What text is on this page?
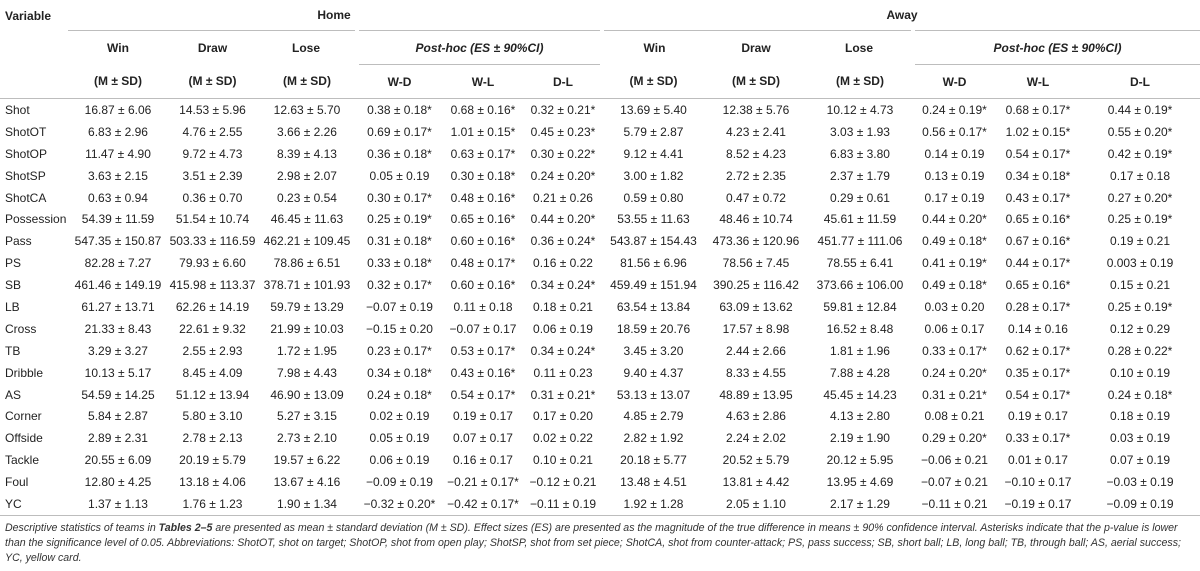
Variable	Home						Away					
	Win	Draw	Lose	Post-hoc (ES ± 90%CI)			Win	Draw	Lose	Post-hoc (ES ± 90%CI)		
	(M ± SD)	(M ± SD)	(M ± SD)	W-D	W-L	D-L	(M ± SD)	(M ± SD)	(M ± SD)	W-D	W-L	D-L
Shot	16.87 ± 6.06	14.53 ± 5.96	12.63 ± 5.70	0.38 ± 0.18*	0.68 ± 0.16*	0.32 ± 0.21*	13.69 ± 5.40	12.38 ± 5.76	10.12 ± 4.73	0.24 ± 0.19*	0.68 ± 0.17*	0.44 ± 0.19*
ShotOT	6.83 ± 2.96	4.76 ± 2.55	3.66 ± 2.26	0.69 ± 0.17*	1.01 ± 0.15*	0.45 ± 0.23*	5.79 ± 2.87	4.23 ± 2.41	3.03 ± 1.93	0.56 ± 0.17*	1.02 ± 0.15*	0.55 ± 0.20*
ShotOP	11.47 ± 4.90	9.72 ± 4.73	8.39 ± 4.13	0.36 ± 0.18*	0.63 ± 0.17*	0.30 ± 0.22*	9.12 ± 4.41	8.52 ± 4.23	6.83 ± 3.80	0.14 ± 0.19	0.54 ± 0.17*	0.42 ± 0.19*
ShotSP	3.63 ± 2.15	3.51 ± 2.39	2.98 ± 2.07	0.05 ± 0.19	0.30 ± 0.18*	0.24 ± 0.20*	3.00 ± 1.82	2.72 ± 2.35	2.37 ± 1.79	0.13 ± 0.19	0.34 ± 0.18*	0.17 ± 0.18
ShotCA	0.63 ± 0.94	0.36 ± 0.70	0.23 ± 0.54	0.30 ± 0.17*	0.48 ± 0.16*	0.21 ± 0.26	0.59 ± 0.80	0.47 ± 0.72	0.29 ± 0.61	0.17 ± 0.19	0.43 ± 0.17*	0.27 ± 0.20*
Possession	54.39 ± 11.59	51.54 ± 10.74	46.45 ± 11.63	0.25 ± 0.19*	0.65 ± 0.16*	0.44 ± 0.20*	53.55 ± 11.63	48.46 ± 10.74	45.61 ± 11.59	0.44 ± 0.20*	0.65 ± 0.16*	0.25 ± 0.19*
Pass	547.35 ± 150.87	503.33 ± 116.59	462.21 ± 109.45	0.31 ± 0.18*	0.60 ± 0.16*	0.36 ± 0.24*	543.87 ± 154.43	473.36 ± 120.96	451.77 ± 111.06	0.49 ± 0.18*	0.67 ± 0.16*	0.19 ± 0.21
PS	82.28 ± 7.27	79.93 ± 6.60	78.86 ± 6.51	0.33 ± 0.18*	0.48 ± 0.17*	0.16 ± 0.22	81.56 ± 6.96	78.56 ± 7.45	78.55 ± 6.41	0.41 ± 0.19*	0.44 ± 0.17*	0.003 ± 0.19
SB	461.46 ± 149.19	415.98 ± 113.37	378.71 ± 101.93	0.32 ± 0.17*	0.60 ± 0.16*	0.34 ± 0.24*	459.49 ± 151.94	390.25 ± 116.42	373.66 ± 106.00	0.49 ± 0.18*	0.65 ± 0.16*	0.15 ± 0.21
LB	61.27 ± 13.71	62.26 ± 14.19	59.79 ± 13.29	−0.07 ± 0.19	0.11 ± 0.18	0.18 ± 0.21	63.54 ± 13.84	63.09 ± 13.62	59.81 ± 12.84	0.03 ± 0.20	0.28 ± 0.17*	0.25 ± 0.19*
Cross	21.33 ± 8.43	22.61 ± 9.32	21.99 ± 10.03	−0.15 ± 0.20	−0.07 ± 0.17	0.06 ± 0.19	18.59 ± 20.76	17.57 ± 8.98	16.52 ± 8.48	0.06 ± 0.17	0.14 ± 0.16	0.12 ± 0.29
TB	3.29 ± 3.27	2.55 ± 2.93	1.72 ± 1.95	0.23 ± 0.17*	0.53 ± 0.17*	0.34 ± 0.24*	3.45 ± 3.20	2.44 ± 2.66	1.81 ± 1.96	0.33 ± 0.17*	0.62 ± 0.17*	0.28 ± 0.22*
Dribble	10.13 ± 5.17	8.45 ± 4.09	7.98 ± 4.43	0.34 ± 0.18*	0.43 ± 0.16*	0.11 ± 0.23	9.40 ± 4.37	8.33 ± 4.55	7.88 ± 4.28	0.24 ± 0.20*	0.35 ± 0.17*	0.10 ± 0.19
AS	54.59 ± 14.25	51.12 ± 13.94	46.90 ± 13.09	0.24 ± 0.18*	0.54 ± 0.17*	0.31 ± 0.21*	53.13 ± 13.07	48.89 ± 13.95	45.45 ± 14.23	0.31 ± 0.21*	0.54 ± 0.17*	0.24 ± 0.18*
Corner	5.84 ± 2.87	5.80 ± 3.10	5.27 ± 3.15	0.02 ± 0.19	0.19 ± 0.17	0.17 ± 0.20	4.85 ± 2.79	4.63 ± 2.86	4.13 ± 2.80	0.08 ± 0.21	0.19 ± 0.17	0.18 ± 0.19
Offside	2.89 ± 2.31	2.78 ± 2.13	2.73 ± 2.10	0.05 ± 0.19	0.07 ± 0.17	0.02 ± 0.22	2.82 ± 1.92	2.24 ± 2.02	2.19 ± 1.90	0.29 ± 0.20*	0.33 ± 0.17*	0.03 ± 0.19
Tackle	20.55 ± 6.09	20.19 ± 5.79	19.57 ± 6.22	0.06 ± 0.19	0.16 ± 0.17	0.10 ± 0.21	20.18 ± 5.77	20.52 ± 5.79	20.12 ± 5.95	−0.06 ± 0.21	0.01 ± 0.17	0.07 ± 0.19
Foul	12.80 ± 4.25	13.18 ± 4.06	13.67 ± 4.16	−0.09 ± 0.19	−0.21 ± 0.17*	−0.12 ± 0.21	13.48 ± 4.51	13.81 ± 4.42	13.95 ± 4.69	−0.07 ± 0.21	−0.10 ± 0.17	−0.03 ± 0.19
YC	1.37 ± 1.13	1.76 ± 1.23	1.90 ± 1.34	−0.32 ± 0.20*	−0.42 ± 0.17*	−0.11 ± 0.19	1.92 ± 1.28	2.05 ± 1.10	2.17 ± 1.29	−0.11 ± 0.21	−0.19 ± 0.17	−0.09 ± 0.19
Descriptive statistics of teams in Tables 2–5 are presented as mean ± standard deviation (M ± SD). Effect sizes (ES) are presented as the magnitude of the true difference in means ± 90% confidence interval. Asterisks indicate that the p-value is lower than the significance level of 0.05. Abbreviations: ShotOT, shot on target; ShotOP, shot from open play; ShotSP, shot from set piece; ShotCA, shot from counter-attack; PS, pass success; SB, short ball; LB, long ball; TB, through ball; AS, aerial success; YC, yellow card.
